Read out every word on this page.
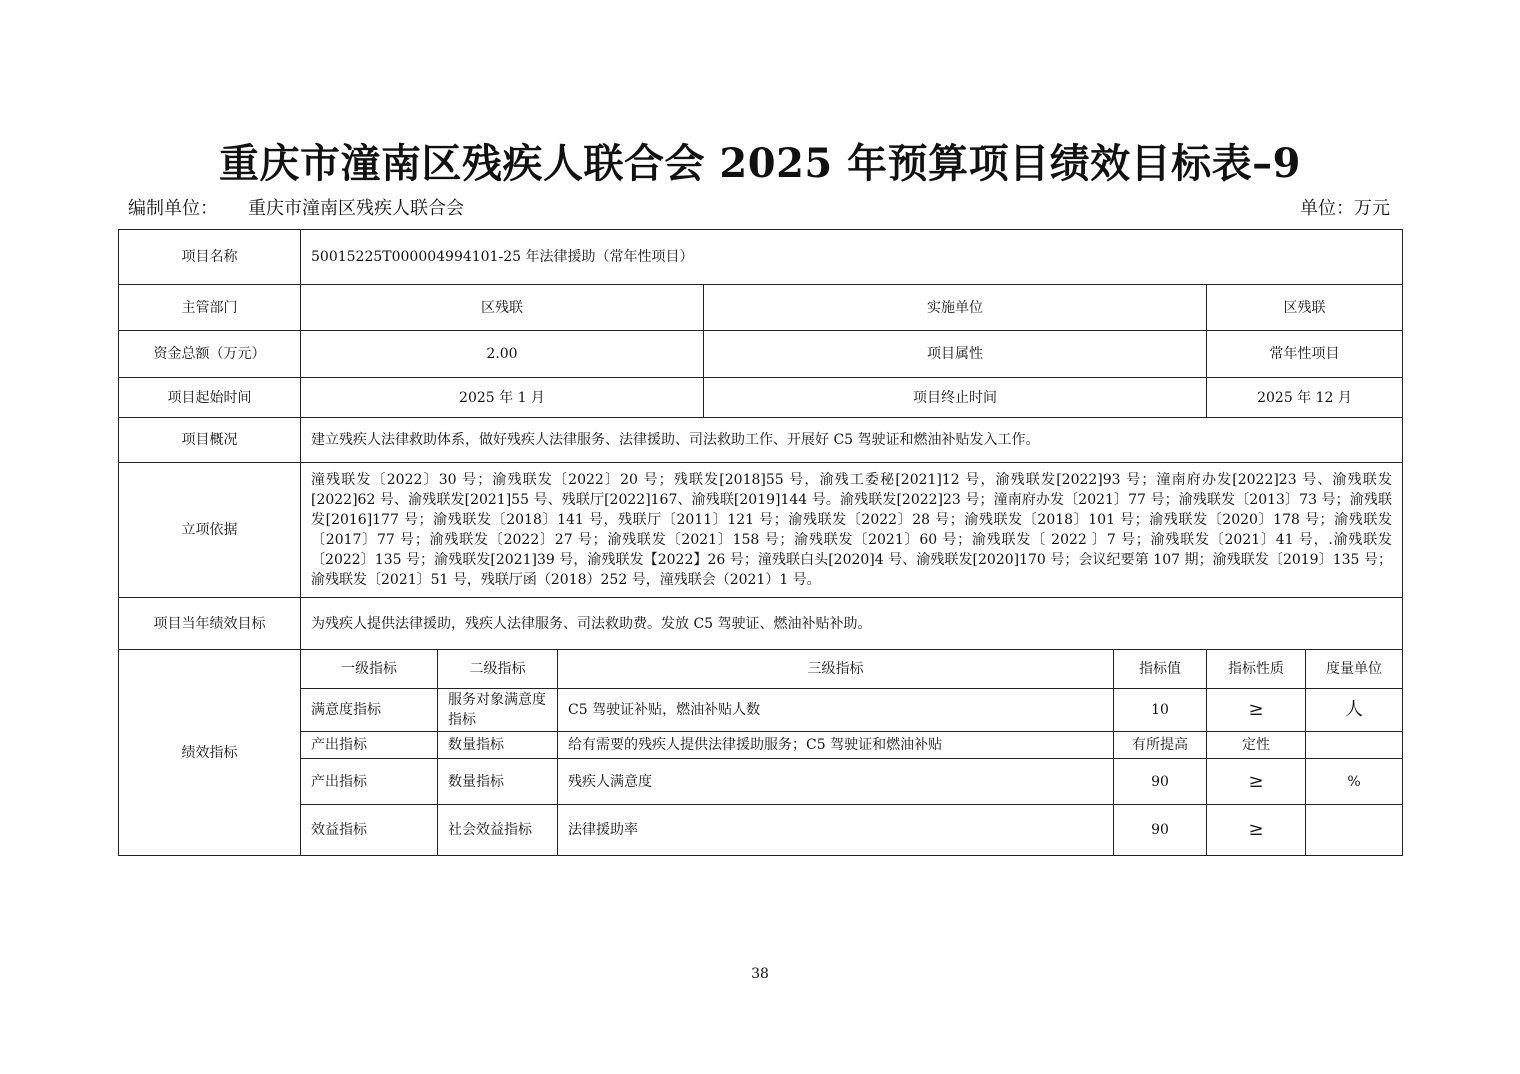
重庆市潼南区残疾人联合会 2025 年预算项目绩效目标表–9
编制单位： 重庆市潼南区残疾人联合会	单位：万元
项目名称	50015225T000004994101-25 年法律援助（常年性项目）						
主管部门	区残联			实施单位		区残联	
资金总额（万元）	2.00			项目属性		常年性项目	
项目起始时间	2025 年 1 月			项目终止时间		2025 年 12 月	
项目概况	建立残疾人法律救助体系，做好残疾人法律服务、法律援助、司法救助工作、开展好 C5 驾驶证和燃油补贴发入工作。						
立项依据	潼残联发〔2022〕30 号；渝残联发〔2022〕20 号；残联发[2018]55 号，渝残工委秘[2021]12 号，渝残联发[2022]93 号；潼南府办发[2022]23 号、渝残联发[2022]62 号、渝残联发[2021]55 号、残联厅[2022]167、渝残联[2019]144 号。渝残联发[2022]23 号；潼南府办发〔2021〕77 号；渝残联发〔2013〕73 号；渝残联发[2016]177 号；渝残联发〔2018〕141 号，残联厅〔2011〕121 号；渝残联发〔2022〕28 号；渝残联发〔2018〕101 号；渝残联发〔2020〕178 号；渝残联发〔2017〕77 号；渝残联发〔2022〕27 号；渝残联发〔2021〕158 号；渝残联发〔2021〕60 号；渝残联发〔 2022 〕7 号；渝残联发〔2021〕41 号，.渝残联发〔2022〕135 号；渝残联发[2021]39 号，渝残联发【2022】26 号；潼残联白头[2020]4 号、渝残联发[2020]170 号；会议纪要第 107 期；渝残联发〔2019〕135 号；渝残联发〔2021〕51 号，残联厅函（2018）252 号，潼残联会（2021）1 号。						
项目当年绩效目标	为残疾人提供法律援助，残疾人法律服务、司法救助费。发放 C5 驾驶证、燃油补贴补助。						
绩效指标	一级指标	二级指标	三级指标		指标值	指标性质	度量单位
	满意度指标	服务对象满意度指标	C5 驾驶证补贴，燃油补贴人数		10	≥	人
	产出指标	数量指标	给有需要的残疾人提供法律援助服务；C5 驾驶证和燃油补贴		有所提高	定性	
	产出指标	数量指标	残疾人满意度		90	≥	%
	效益指标	社会效益指标	法律援助率		90	≥	
38
